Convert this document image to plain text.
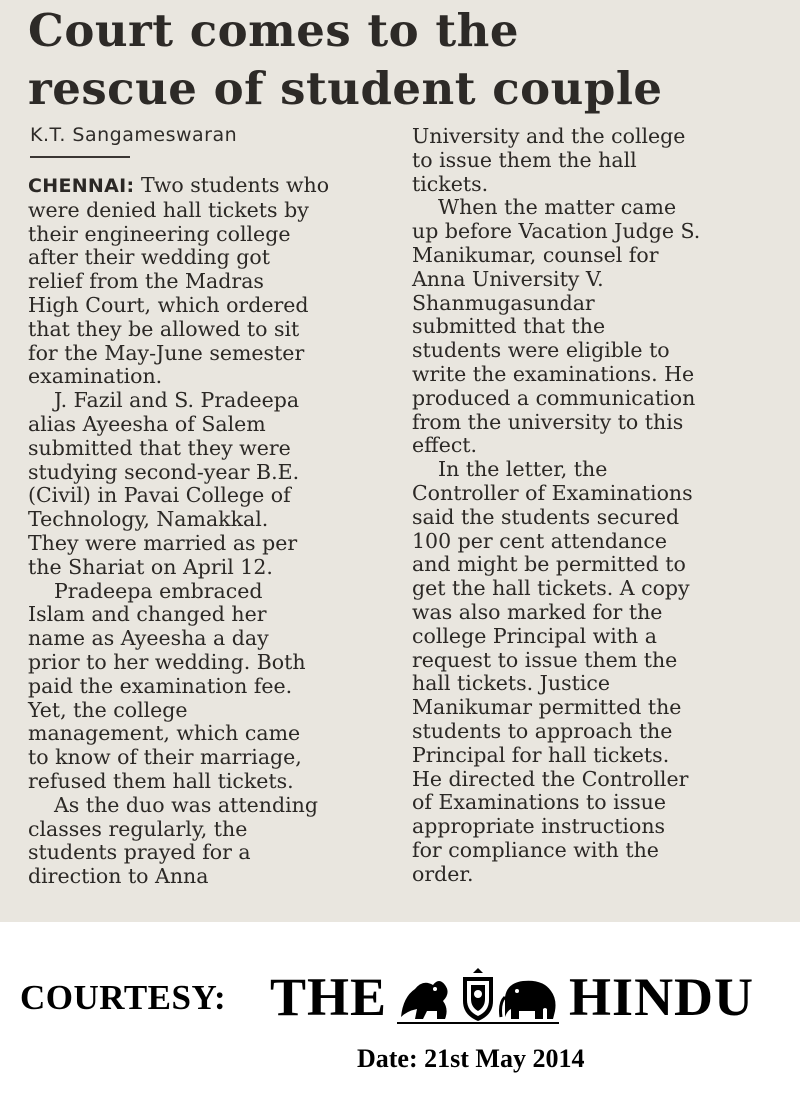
Court comes to the
rescue of student couple
K.T. Sangameswaran
CHENNAI: Two students who
were denied hall tickets by
their engineering college
after their wedding got
relief from the Madras
High Court, which ordered
that they be allowed to sit
for the May-June semester
examination.
J. Fazil and S. Pradeepa
alias Ayeesha of Salem
submitted that they were
studying second-year B.E.
(Civil) in Pavai College of
Technology, Namakkal.
They were married as per
the Shariat on April 12.
Pradeepa embraced
Islam and changed her
name as Ayeesha a day
prior to her wedding. Both
paid the examination fee.
Yet, the college
management, which came
to know of their marriage,
refused them hall tickets.
As the duo was attending
classes regularly, the
students prayed for a
direction to Anna
University and the college
to issue them the hall
tickets.
When the matter came
up before Vacation Judge S.
Manikumar, counsel for
Anna University V.
Shanmugasundar
submitted that the
students were eligible to
write the examinations. He
produced a communication
from the university to this
effect.
In the letter, the
Controller of Examinations
said the students secured
100 per cent attendance
and might be permitted to
get the hall tickets. A copy
was also marked for the
college Principal with a
request to issue them the
hall tickets. Justice
Manikumar permitted the
students to approach the
Principal for hall tickets.
He directed the Controller
of Examinations to issue
appropriate instructions
for compliance with the
order.
COURTESY: THE	HINDU
Date: 21st May 2014
